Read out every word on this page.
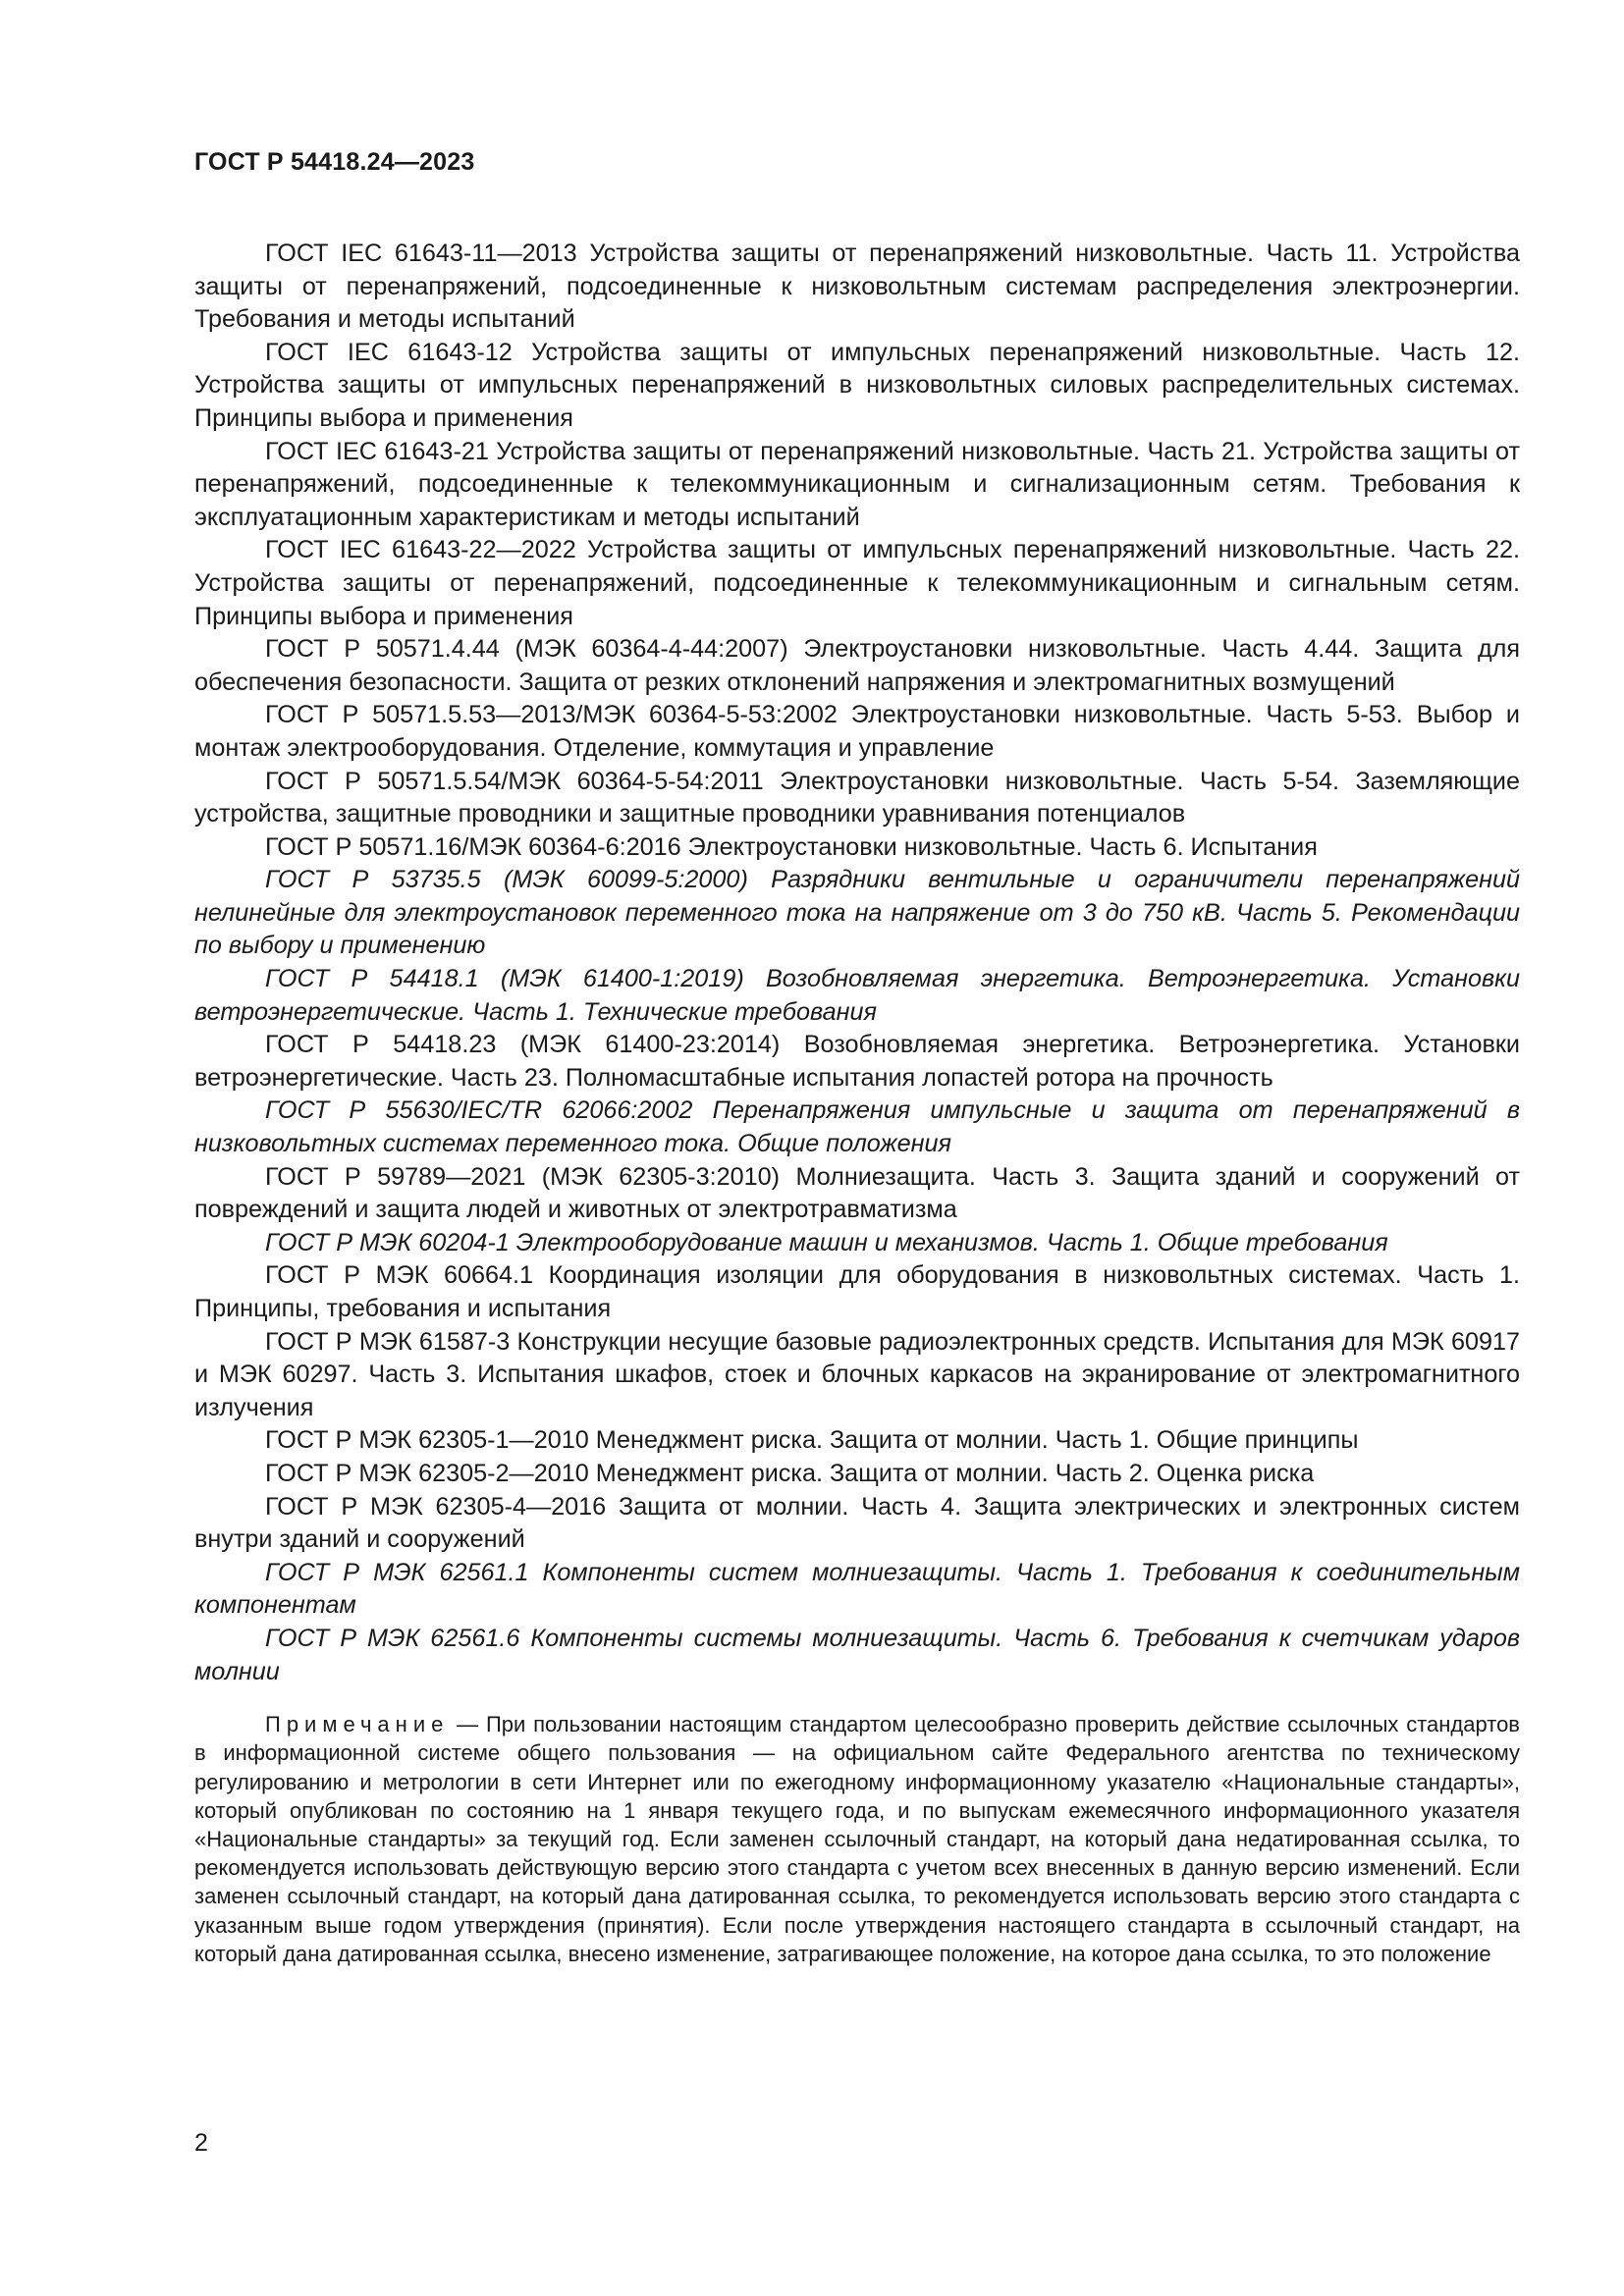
ГОСТ Р 54418.24—2023

ГОСТ IEC 61643-11—2013 Устройства защиты от перенапряжений низковольтные. Часть 11. Устройства защиты от перенапряжений, подсоединенные к низковольтным системам распределения электроэнергии. Требования и методы испытаний

ГОСТ IEC 61643-12 Устройства защиты от импульсных перенапряжений низковольтные. Часть 12. Устройства защиты от импульсных перенапряжений в низковольтных силовых распределительных системах. Принципы выбора и применения

ГОСТ IEC 61643-21 Устройства защиты от перенапряжений низковольтные. Часть 21. Устройства защиты от перенапряжений, подсоединенные к телекоммуникационным и сигнализационным сетям. Требования к эксплуатационным характеристикам и методы испытаний

ГОСТ IEC 61643-22—2022 Устройства защиты от импульсных перенапряжений низковольтные. Часть 22. Устройства защиты от перенапряжений, подсоединенные к телекоммуникационным и сигнальным сетям. Принципы выбора и применения

ГОСТ Р 50571.4.44 (МЭК 60364-4-44:2007) Электроустановки низковольтные. Часть 4.44. Защита для обеспечения безопасности. Защита от резких отклонений напряжения и электромагнитных возмущений

ГОСТ Р 50571.5.53—2013/МЭК 60364-5-53:2002 Электроустановки низковольтные. Часть 5-53. Выбор и монтаж электрооборудования. Отделение, коммутация и управление

ГОСТ Р 50571.5.54/МЭК 60364-5-54:2011 Электроустановки низковольтные. Часть 5-54. Заземляющие устройства, защитные проводники и защитные проводники уравнивания потенциалов

ГОСТ Р 50571.16/МЭК 60364-6:2016 Электроустановки низковольтные. Часть 6. Испытания

ГОСТ Р 53735.5 (МЭК 60099-5:2000) Разрядники вентильные и ограничители перенапряжений нелинейные для электроустановок переменного тока на напряжение от 3 до 750 кВ. Часть 5. Рекомендации по выбору и применению

ГОСТ Р 54418.1 (МЭК 61400-1:2019) Возобновляемая энергетика. Ветроэнергетика. Установки ветроэнергетические. Часть 1. Технические требования

ГОСТ Р 54418.23 (МЭК 61400-23:2014) Возобновляемая энергетика. Ветроэнергетика. Установки ветроэнергетические. Часть 23. Полномасштабные испытания лопастей ротора на прочность

ГОСТ Р 55630/IEC/TR 62066:2002 Перенапряжения импульсные и защита от перенапряжений в низковольтных системах переменного тока. Общие положения

ГОСТ Р 59789—2021 (МЭК 62305-3:2010) Молниезащита. Часть 3. Защита зданий и сооружений от повреждений и защита людей и животных от электротравматизма

ГОСТ Р МЭК 60204-1 Электрооборудование машин и механизмов. Часть 1. Общие требования

ГОСТ Р МЭК 60664.1 Координация изоляции для оборудования в низковольтных системах. Часть 1. Принципы, требования и испытания

ГОСТ Р МЭК 61587-3 Конструкции несущие базовые радиоэлектронных средств. Испытания для МЭК 60917 и МЭК 60297. Часть 3. Испытания шкафов, стоек и блочных каркасов на экранирование от электромагнитного излучения

ГОСТ Р МЭК 62305-1—2010 Менеджмент риска. Защита от молнии. Часть 1. Общие принципы

ГОСТ Р МЭК 62305-2—2010 Менеджмент риска. Защита от молнии. Часть 2. Оценка риска

ГОСТ Р МЭК 62305-4—2016 Защита от молнии. Часть 4. Защита электрических и электронных систем внутри зданий и сооружений

ГОСТ Р МЭК 62561.1 Компоненты систем молниезащиты. Часть 1. Требования к соединительным компонентам

ГОСТ Р МЭК 62561.6 Компоненты системы молниезащиты. Часть 6. Требования к счетчикам ударов молнии

Примечание — При пользовании настоящим стандартом целесообразно проверить действие ссылочных стандартов в информационной системе общего пользования — на официальном сайте Федерального агентства по техническому регулированию и метрологии в сети Интернет или по ежегодному информационному указателю «Национальные стандарты», который опубликован по состоянию на 1 января текущего года, и по выпускам ежемесячного информационного указателя «Национальные стандарты» за текущий год. Если заменен ссылочный стандарт, на который дана недатированная ссылка, то рекомендуется использовать действующую версию этого стандарта с учетом всех внесенных в данную версию изменений. Если заменен ссылочный стандарт, на который дана датированная ссылка, то рекомендуется использовать версию этого стандарта с указанным выше годом утверждения (принятия). Если после утверждения настоящего стандарта в ссылочный стандарт, на который дана датированная ссылка, внесено изменение, затрагивающее положение, на которое дана ссылка, то это положение

2
